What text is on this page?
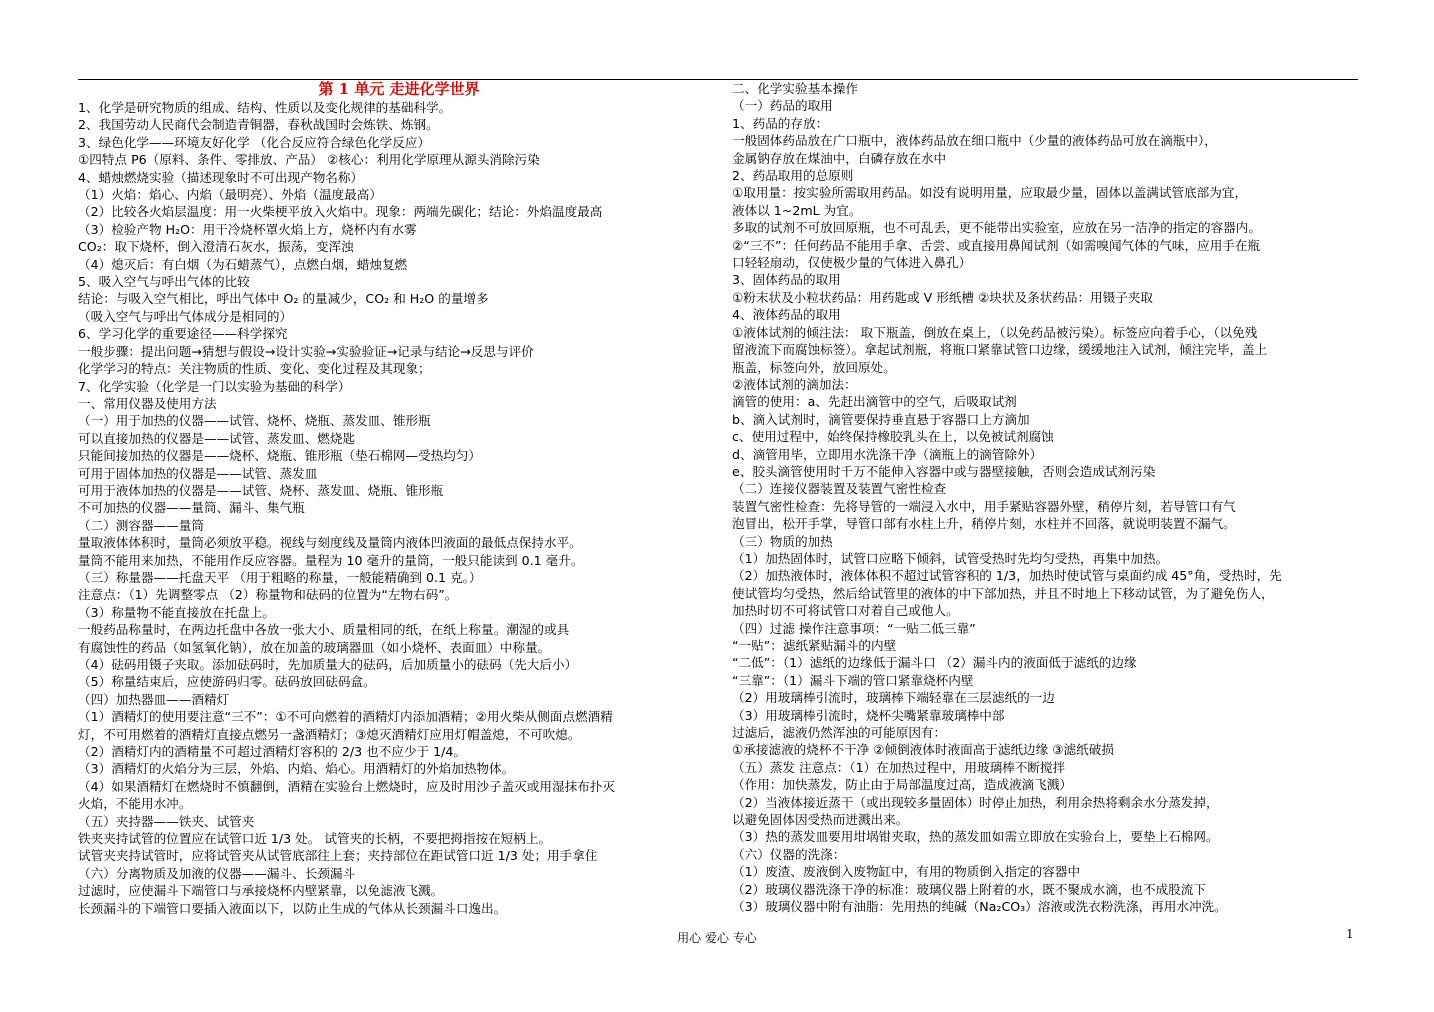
第 1 单元 走进化学世界
1、化学是研究物质的组成、结构、性质以及变化规律的基础科学。
2、我国劳动人民商代会制造青铜器，春秋战国时会炼铁、炼钢。
3、绿色化学——环境友好化学 （化合反应符合绿色化学反应）
①四特点 P6（原料、条件、零排放、产品） ②核心：利用化学原理从源头消除污染
4、蜡烛燃烧实验（描述现象时不可出现产物名称）
（1）火焰：焰心、内焰（最明亮）、外焰（温度最高）
（2）比较各火焰层温度：用一火柴梗平放入火焰中。现象：两端先碳化；结论：外焰温度最高
（3）检验产物 H₂O：用干冷烧杯罩火焰上方，烧杯内有水雾
CO₂：取下烧杯，倒入澄清石灰水，振荡，变浑浊
（4）熄灭后：有白烟（为石蜡蒸气），点燃白烟，蜡烛复燃
5、吸入空气与呼出气体的比较
结论：与吸入空气相比，呼出气体中 O₂ 的量减少，CO₂ 和 H₂O 的量增多
（吸入空气与呼出气体成分是相同的）
6、学习化学的重要途径——科学探究
一般步骤：提出问题→猜想与假设→设计实验→实验验证→记录与结论→反思与评价
化学学习的特点：关注物质的性质、变化、变化过程及其现象；
7、化学实验（化学是一门以实验为基础的科学）
一、常用仪器及使用方法
（一）用于加热的仪器——试管、烧杯、烧瓶、蒸发皿、锥形瓶
可以直接加热的仪器是——试管、蒸发皿、燃烧匙
只能间接加热的仪器是——烧杯、烧瓶、锥形瓶（垫石棉网—受热均匀）
可用于固体加热的仪器是——试管、蒸发皿
可用于液体加热的仪器是——试管、烧杯、蒸发皿、烧瓶、锥形瓶
不可加热的仪器——量筒、漏斗、集气瓶
（二）测容器——量筒
量取液体体积时，量筒必须放平稳。视线与刻度线及量筒内液体凹液面的最低点保持水平。
量筒不能用来加热，不能用作反应容器。量程为 10 毫升的量筒，一般只能读到 0.1 毫升。
（三）称量器——托盘天平 （用于粗略的称量，一般能精确到 0.1 克。）
注意点：（1）先调整零点 （2）称量物和砝码的位置为“左物右码”。
（3）称量物不能直接放在托盘上。
一般药品称量时，在两边托盘中各放一张大小、质量相同的纸，在纸上称量。潮湿的或具
有腐蚀性的药品（如氢氧化钠），放在加盖的玻璃器皿（如小烧杯、表面皿）中称量。
（4）砝码用镊子夹取。添加砝码时，先加质量大的砝码，后加质量小的砝码（先大后小）
（5）称量结束后，应使游码归零。砝码放回砝码盒。
（四）加热器皿——酒精灯
（1）酒精灯的使用要注意“三不”：①不可向燃着的酒精灯内添加酒精；②用火柴从侧面点燃酒精
灯，不可用燃着的酒精灯直接点燃另一盏酒精灯；③熄灭酒精灯应用灯帽盖熄，不可吹熄。
（2）酒精灯内的酒精量不可超过酒精灯容积的 2/3 也不应少于 1/4。
（3）酒精灯的火焰分为三层，外焰、内焰、焰心。用酒精灯的外焰加热物体。
（4）如果酒精灯在燃烧时不慎翻倒，酒精在实验台上燃烧时，应及时用沙子盖灭或用湿抹布扑灭
火焰，不能用水冲。
（五）夹持器——铁夹、试管夹
铁夹夹持试管的位置应在试管口近 1/3 处。 试管夹的长柄，不要把拇指按在短柄上。
试管夹夹持试管时，应将试管夹从试管底部往上套；夹持部位在距试管口近 1/3 处；用手拿住
（六）分离物质及加液的仪器——漏斗、长颈漏斗
过滤时，应使漏斗下端管口与承接烧杯内壁紧靠，以免滤液飞溅。
长颈漏斗的下端管口要插入液面以下，以防止生成的气体从长颈漏斗口逸出。
二、化学实验基本操作
（一）药品的取用
1、药品的存放：
一般固体药品放在广口瓶中，液体药品放在细口瓶中（少量的液体药品可放在滴瓶中），
金属钠存放在煤油中，白磷存放在水中
2、药品取用的总原则
①取用量：按实验所需取用药品。如没有说明用量，应取最少量，固体以盖满试管底部为宜，
液体以 1~2mL 为宜。
多取的试剂不可放回原瓶，也不可乱丢，更不能带出实验室，应放在另一洁净的指定的容器内。
②“三不”：任何药品不能用手拿、舌尝、或直接用鼻闻试剂（如需嗅闻气体的气味，应用手在瓶
口轻轻扇动，仅使极少量的气体进入鼻孔）
3、固体药品的取用
①粉末状及小粒状药品：用药匙或 V 形纸槽 ②块状及条状药品：用镊子夹取
4、液体药品的取用
①液体试剂的倾注法： 取下瓶盖，倒放在桌上，（以免药品被污染）。标签应向着手心，（以免残
留液流下而腐蚀标签）。拿起试剂瓶，将瓶口紧靠试管口边缘，缓缓地注入试剂，倾注完毕，盖上
瓶盖，标签向外，放回原处。
②液体试剂的滴加法：
滴管的使用：a、先赶出滴管中的空气，后吸取试剂
b、滴入试剂时，滴管要保持垂直悬于容器口上方滴加
c、使用过程中，始终保持橡胶乳头在上，以免被试剂腐蚀
d、滴管用毕，立即用水洗涤干净（滴瓶上的滴管除外）
e、胶头滴管使用时千万不能伸入容器中或与器壁接触，否则会造成试剂污染
（二）连接仪器装置及装置气密性检查
装置气密性检查：先将导管的一端浸入水中，用手紧贴容器外壁，稍停片刻，若导管口有气
泡冒出，松开手掌，导管口部有水柱上升，稍停片刻，水柱并不回落，就说明装置不漏气。
（三）物质的加热
（1）加热固体时，试管口应略下倾斜，试管受热时先均匀受热，再集中加热。
（2）加热液体时，液体体积不超过试管容积的 1/3，加热时使试管与桌面约成 45°角，受热时，先
使试管均匀受热，然后给试管里的液体的中下部加热，并且不时地上下移动试管，为了避免伤人，
加热时切不可将试管口对着自己或他人。
（四）过滤 操作注意事项：“一贴二低三靠”
“一贴”：滤纸紧贴漏斗的内壁
“二低”：（1）滤纸的边缘低于漏斗口 （2）漏斗内的液面低于滤纸的边缘
“三靠”：（1）漏斗下端的管口紧靠烧杯内壁
（2）用玻璃棒引流时，玻璃棒下端轻靠在三层滤纸的一边
（3）用玻璃棒引流时，烧杯尖嘴紧靠玻璃棒中部
过滤后，滤液仍然浑浊的可能原因有：
①承接滤液的烧杯不干净 ②倾倒液体时液面高于滤纸边缘 ③滤纸破损
（五）蒸发 注意点：（1）在加热过程中，用玻璃棒不断搅拌
（作用：加快蒸发，防止由于局部温度过高，造成液滴飞溅）
（2）当液体接近蒸干（或出现较多量固体）时停止加热，利用余热将剩余水分蒸发掉，
以避免固体因受热而迸溅出来。
（3）热的蒸发皿要用坩埚钳夹取，热的蒸发皿如需立即放在实验台上，要垫上石棉网。
（六）仪器的洗涤：
（1）废渣、废液倒入废物缸中，有用的物质倒入指定的容器中
（2）玻璃仪器洗涤干净的标准：玻璃仪器上附着的水，既不聚成水滴，也不成股流下
（3）玻璃仪器中附有油脂：先用热的纯碱（Na₂CO₃）溶液或洗衣粉洗涤，再用水冲洗。
用心 爱心 专心	1
